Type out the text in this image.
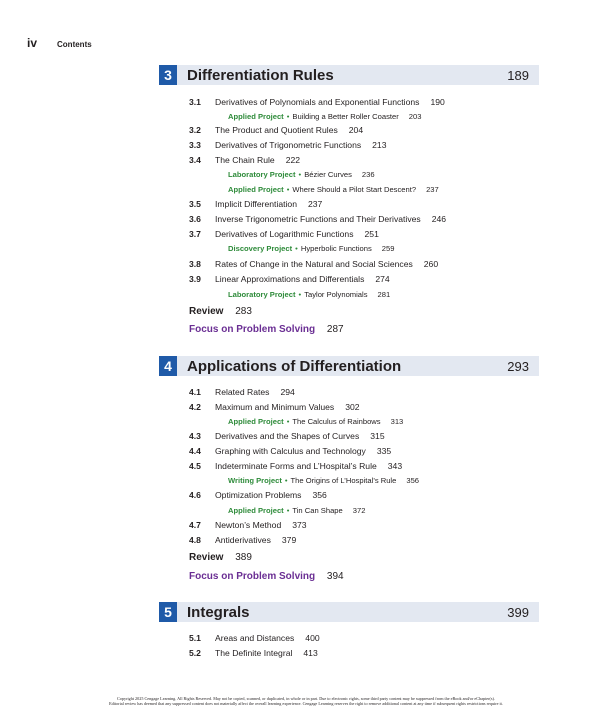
iv	Contents
3	Differentiation Rules	189
3.1	Derivatives of Polynomials and Exponential Functions 190
Applied Project • Building a Better Roller Coaster 203
3.2	The Product and Quotient Rules 204
3.3	Derivatives of Trigonometric Functions 213
3.4	The Chain Rule 222
Laboratory Project • Bézier Curves 236
Applied Project • Where Should a Pilot Start Descent? 237
3.5	Implicit Differentiation 237
3.6	Inverse Trigonometric Functions and Their Derivatives 246
3.7	Derivatives of Logarithmic Functions 251
Discovery Project • Hyperbolic Functions 259
3.8	Rates of Change in the Natural and Social Sciences 260
3.9	Linear Approximations and Differentials 274
Laboratory Project • Taylor Polynomials 281
Review 283
Focus on Problem Solving 287
4	Applications of Differentiation	293
4.1	Related Rates 294
4.2	Maximum and Minimum Values 302
Applied Project • The Calculus of Rainbows 313
4.3	Derivatives and the Shapes of Curves 315
4.4	Graphing with Calculus and Technology 335
4.5	Indeterminate Forms and L’Hospital’s Rule 343
Writing Project • The Origins of L’Hospital’s Rule 356
4.6	Optimization Problems 356
Applied Project • Tin Can Shape 372
4.7	Newton’s Method 373
4.8	Antiderivatives 379
Review 389
Focus on Problem Solving 394
5	Integrals	399
5.1	Areas and Distances 400
5.2	The Definite Integral 413
Copyright 2025 Cengage Learning. All Rights Reserved. May not be copied, scanned, or duplicated, in whole or in part. Due to electronic rights, some third party content may be suppressed from the eBook and/or eChapter(s).
Editorial review has deemed that any suppressed content does not materially affect the overall learning experience. Cengage Learning reserves the right to remove additional content at any time if subsequent rights restrictions require it.
